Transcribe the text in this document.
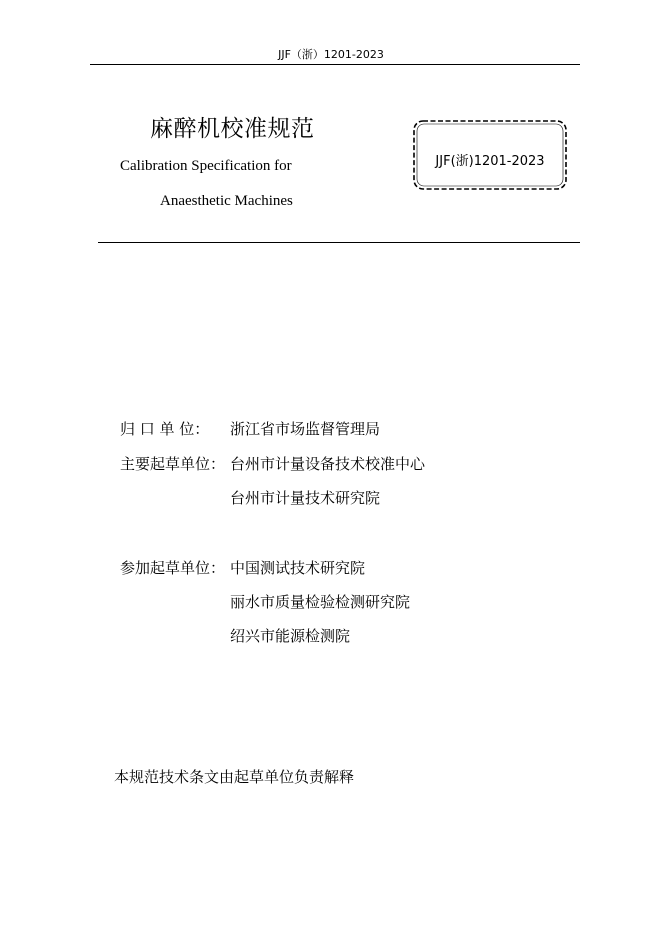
JJF（浙）1201-2023
麻醉机校准规范
Calibration Specification for
Anaesthetic Machines
JJF(浙)1201-2023
归 口 单 位： 浙江省市场监督管理局
主要起草单位： 台州市计量设备技术校准中心
台州市计量技术研究院
参加起草单位： 中国测试技术研究院
丽水市质量检验检测研究院
绍兴市能源检测院
本规范技术条文由起草单位负责解释
